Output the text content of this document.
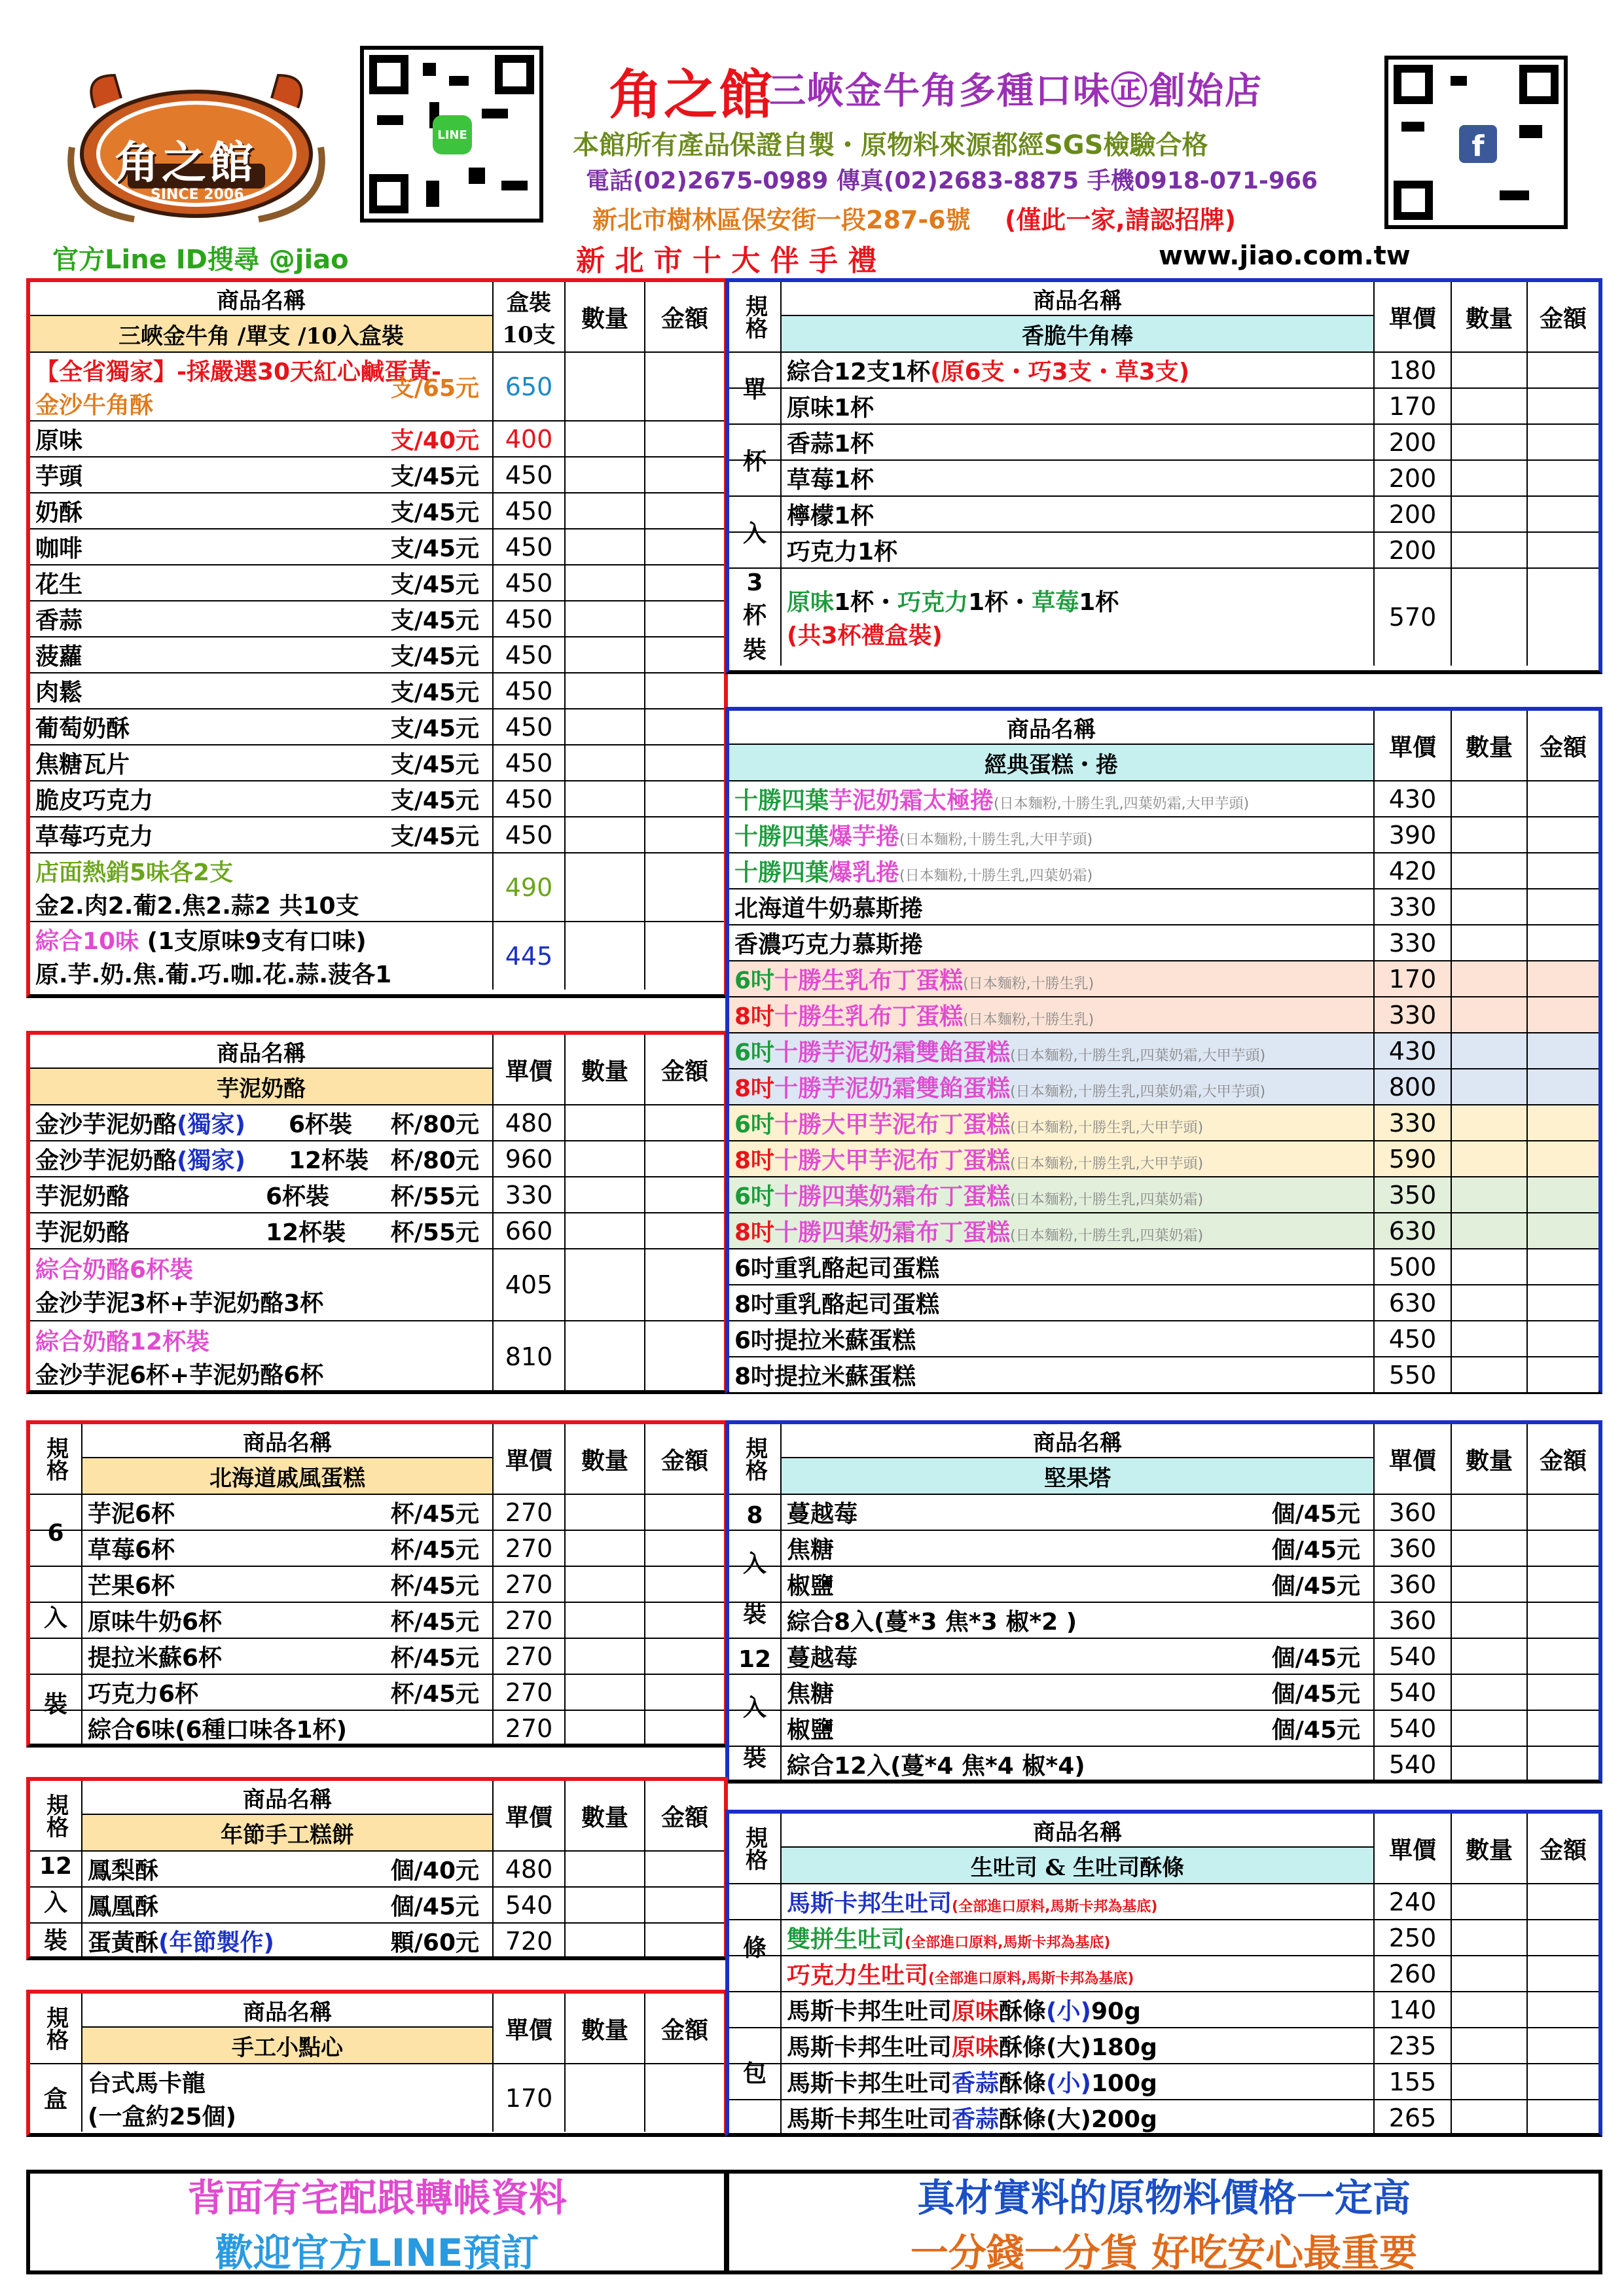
角之館
SINCE 2006
LINE	f
角之館
三峽金牛角多種口味㊣創始店
本館所有產品保證自製・原物料來源都經SGS檢驗合格
電話(02)2675-0989 傳真(02)2683-8875 手機0918-071-966
新北市樹林區保安街一段287-6號 (僅此一家,請認招牌)
官方Line ID搜尋 @jiao	新 北 市 十 大 伴 手 禮	www.jiao.com.tw
商品名稱
三峽金牛角 /單支 /10入盒裝
盒裝
10支
數量	金額
【全省獨家】-採嚴選30天紅心鹹蛋黃-
金沙牛角酥
支/65元	650
原味	支/40元	400
芋頭	支/45元	450
奶酥	支/45元	450
咖啡	支/45元	450
花生	支/45元	450
香蒜	支/45元	450
菠蘿	支/45元	450
肉鬆	支/45元	450
葡萄奶酥	支/45元	450
焦糖瓦片	支/45元	450
脆皮巧克力	支/45元	450
草莓巧克力	支/45元	450
店面熱銷5味各2支
金2.肉2.葡2.焦2.蒜2 共10支
490
綜合10味 (1支原味9支有口味)
原.芋.奶.焦.葡.巧.咖.花.蒜.菠各1
445
商品名稱
芋泥奶酪
單價	數量	金額
金沙芋泥奶酪(獨家) 6杯裝 杯/80元	480
金沙芋泥奶酪(獨家) 12杯裝 杯/80元	960
芋泥奶酪	6杯裝	杯/55元	330
芋泥奶酪	12杯裝 杯/55元	660
綜合奶酪6杯裝
金沙芋泥3杯+芋泥奶酪3杯
405
綜合奶酪12杯裝
金沙芋泥6杯+芋泥奶酪6杯
810
規格	商品名稱
香脆牛角棒
單價	數量	金額
綜合12支1杯(原6支・巧3支・草3支)	180
原味1杯	170
香蒜1杯	200
草莓1杯	200
檸檬1杯	200
巧克力1杯	200
原味1杯・巧克力1杯・草莓1杯
(共3杯禮盒裝)
570
單
杯
入
3
杯
裝
商品名稱
經典蛋糕・捲
單價	數量	金額
十勝四葉芋泥奶霜太極捲(日本麵粉,十勝生乳,四葉奶霜,大甲芋頭)	430
十勝四葉爆芋捲(日本麵粉,十勝生乳,大甲芋頭)	390
十勝四葉爆乳捲(日本麵粉,十勝生乳,四葉奶霜)	420
北海道牛奶慕斯捲	330
香濃巧克力慕斯捲	330
6吋十勝生乳布丁蛋糕(日本麵粉,十勝生乳)	170
8吋十勝生乳布丁蛋糕(日本麵粉,十勝生乳)	330
6吋十勝芋泥奶霜雙餡蛋糕(日本麵粉,十勝生乳,四葉奶霜,大甲芋頭)	430
8吋十勝芋泥奶霜雙餡蛋糕(日本麵粉,十勝生乳,四葉奶霜,大甲芋頭)	800
6吋十勝大甲芋泥布丁蛋糕(日本麵粉,十勝生乳,大甲芋頭)	330
8吋十勝大甲芋泥布丁蛋糕(日本麵粉,十勝生乳,大甲芋頭)	590
6吋十勝四葉奶霜布丁蛋糕(日本麵粉,十勝生乳,四葉奶霜)	350
8吋十勝四葉奶霜布丁蛋糕(日本麵粉,十勝生乳,四葉奶霜)	630
6吋重乳酪起司蛋糕	500
8吋重乳酪起司蛋糕	630
6吋提拉米蘇蛋糕	450
8吋提拉米蘇蛋糕	550
規格	商品名稱
北海道戚風蛋糕
單價	數量	金額
芋泥6杯	杯/45元	270
草莓6杯	杯/45元	270
芒果6杯	杯/45元	270
原味牛奶6杯	杯/45元	270
提拉米蘇6杯	杯/45元	270
巧克力6杯	杯/45元	270
綜合6味(6種口味各1杯)	270
6
入
裝
規格	商品名稱
堅果塔
單價	數量	金額
蔓越莓	個/45元	360
焦糖	個/45元	360
椒鹽	個/45元	360
綜合8入(蔓*3 焦*3 椒*2 )	360
蔓越莓	個/45元	540
焦糖	個/45元	540
椒鹽	個/45元	540
綜合12入(蔓*4 焦*4 椒*4)	540
8
入
裝
12
入
裝
規格	商品名稱
年節手工糕餅
單價	數量	金額
鳳梨酥	個/40元	480
鳳凰酥	個/45元	540
蛋黃酥(年節製作)	顆/60元	720
12
入
裝
規格	商品名稱
手工小點心
單價	數量	金額
台式馬卡龍
(一盒約25個)
170
盒
規格	商品名稱
生吐司 & 生吐司酥條
單價	數量	金額
馬斯卡邦生吐司(全部進口原料,馬斯卡邦為基底)	240
雙拼生吐司(全部進口原料,馬斯卡邦為基底)	250
巧克力生吐司(全部進口原料,馬斯卡邦為基底)	260
馬斯卡邦生吐司原味酥條(小)90g	140
馬斯卡邦生吐司原味酥條(大)180g	235
馬斯卡邦生吐司香蒜酥條(小)100g	155
馬斯卡邦生吐司香蒜酥條(大)200g	265
條
包
背面有宅配跟轉帳資料
歡迎官方LINE預訂
真材實料的原物料價格一定高
一分錢一分貨 好吃安心最重要
